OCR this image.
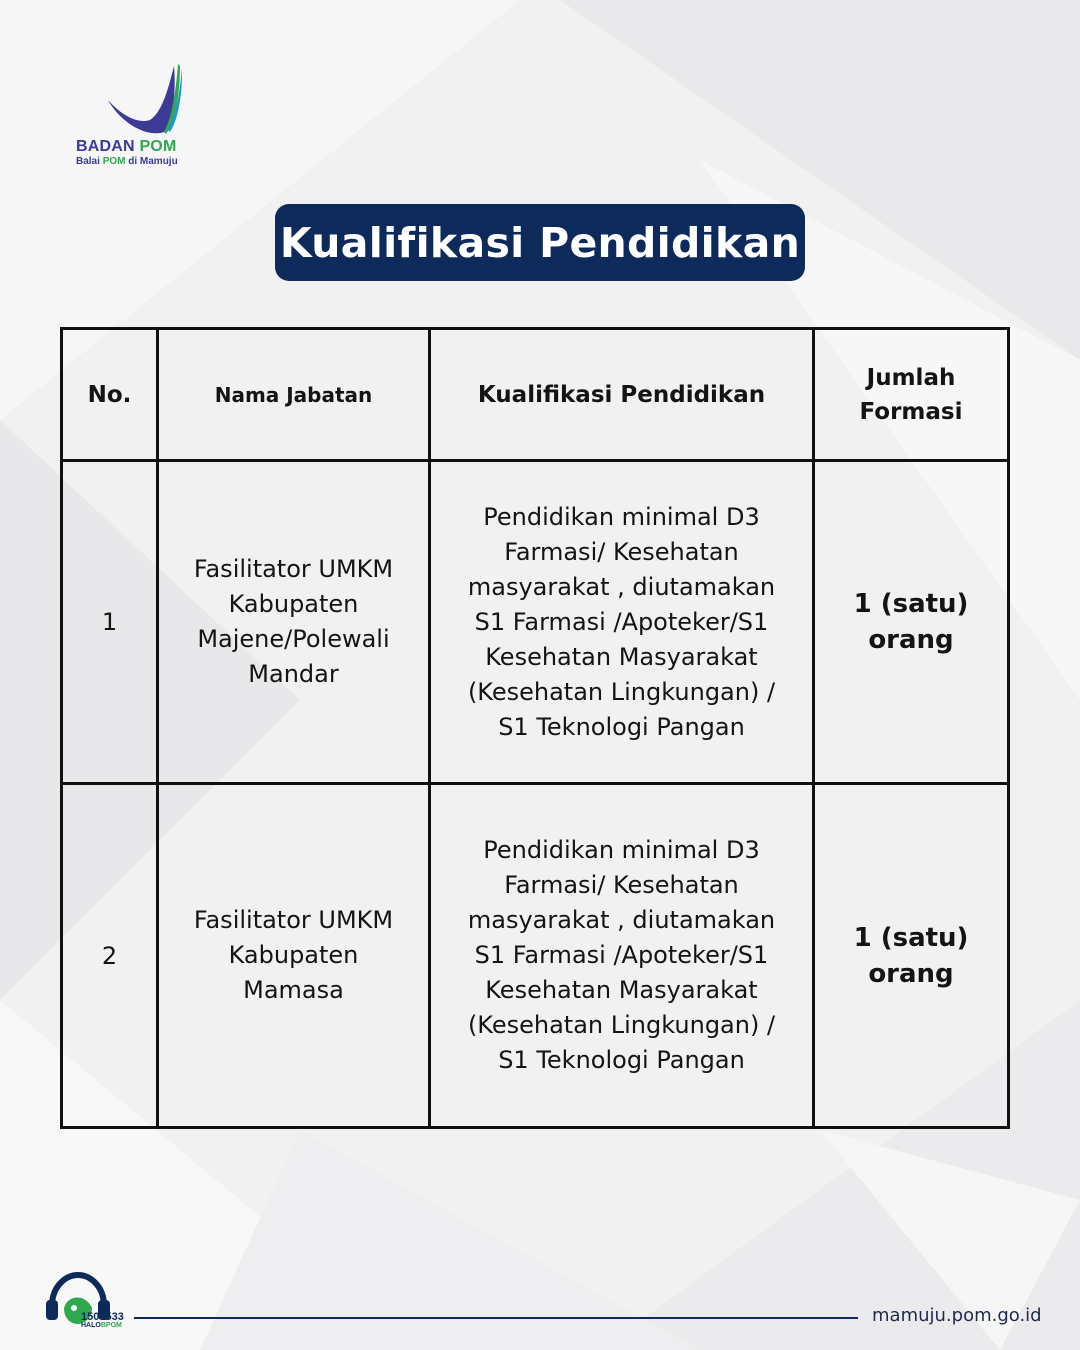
BADAN POM
Balai POM di Mamuju
Kualifikasi Pendidikan
No.	Nama Jabatan	Kualifikasi Pendidikan	Jumlah Formasi
1	Fasilitator UMKM Kabupaten Majene/Polewali Mandar	Pendidikan minimal D3 Farmasi/ Kesehatan masyarakat , diutamakan S1 Farmasi /Apoteker/S1 Kesehatan Masyarakat (Kesehatan Lingkungan) / S1 Teknologi Pangan	1 (satu) orang
2	Fasilitator UMKM Kabupaten Mamasa	Pendidikan minimal D3 Farmasi/ Kesehatan masyarakat , diutamakan S1 Farmasi /Apoteker/S1 Kesehatan Masyarakat (Kesehatan Lingkungan) / S1 Teknologi Pangan	1 (satu) orang
1500533
HALOBPOM	mamuju.pom.go.id
